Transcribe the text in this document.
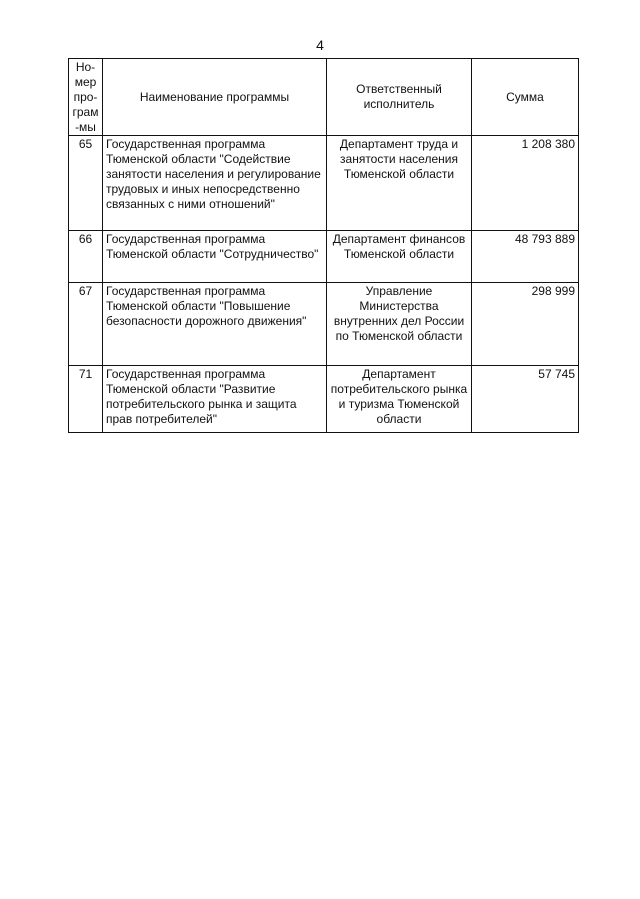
4
Но-
мер
про-
грам
-мы	Наименование программы	Ответственный исполнитель	Сумма
65	Государственная программа Тюменской области "Содействие занятости населения и регулирование трудовых и иных непосредственно связанных с ними отношений"	Департамент труда и занятости населения Тюменской области	1 208 380
66	Государственная программа Тюменской области "Сотрудничество"	Департамент финансов Тюменской области	48 793 889
67	Государственная программа Тюменской области "Повышение безопасности дорожного движения"	Управление Министерства внутренних дел России по Тюменской области	298 999
71	Государственная программа Тюменской области "Развитие потребительского рынка и защита прав потребителей"	Департамент потребительского рынка и туризма Тюменской области	57 745
